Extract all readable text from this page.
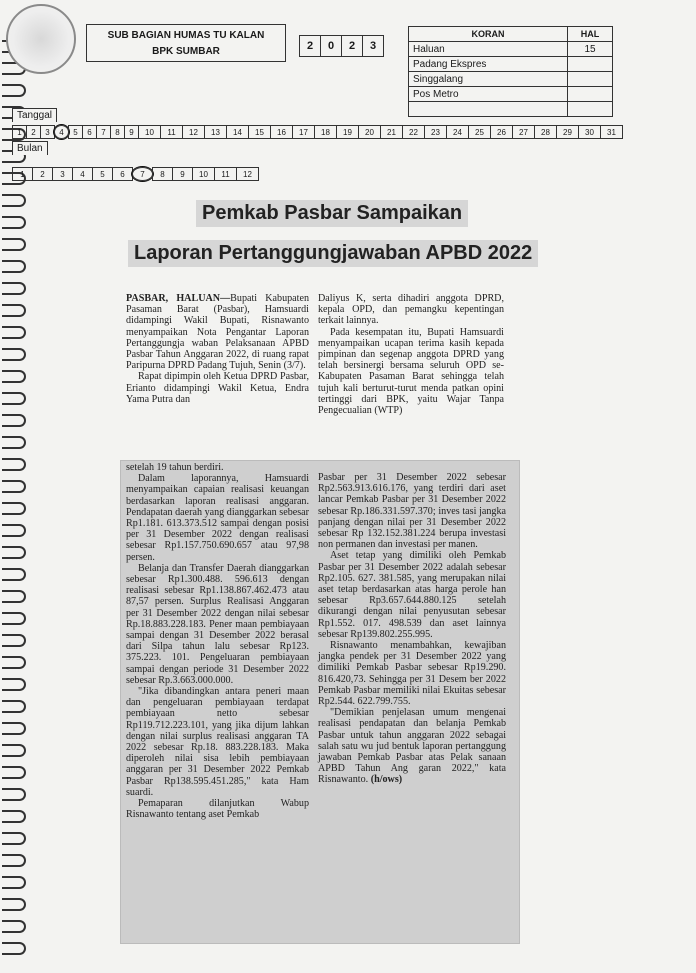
SUB BAGIAN HUMAS TU KALAN
BPK SUMBAR	2	0	2	3
KORAN	HAL
Haluan	15
Padang Ekspres	
Singgalang	
Pos Metro	

Tanggal
1	2	3	4	5	6	7	8	9	10	11	12	13	14	15	16	17	18	19	20	21	22	23	24	25	26	27	28	29	30	31
Bulan
1	2	3	4	5	6	7	8	9	10	11	12
Pemkab Pasbar Sampaikan
Laporan Pertanggungjawaban APBD 2022

PASBAR, HALUAN—Bupati Kabupaten Pasaman Barat (Pasbar), Hamsuardi didampingi Wakil Bupati, Risnawanto menyampaikan Nota Pengantar Laporan Pertanggungja waban Pelaksanaan APBD Pasbar Tahun Anggaran 2022, di ruang rapat Paripurna DPRD Padang Tujuh, Senin (3/7).

Rapat dipimpin oleh Ketua DPRD Pasbar, Erianto didampingi Wakil Ketua, Endra Yama Putra dan

Daliyus K, serta dihadiri anggota DPRD, kepala OPD, dan pemangku kepentingan terkait lainnya.

Pada kesempatan itu, Bupati Hamsuardi menyampaikan ucapan terima kasih kepada pimpinan dan segenap anggota DPRD yang telah bersinergi bersama seluruh OPD se-Kabupaten Pasaman Barat sehingga telah tujuh kali berturut-turut menda patkan opini tertinggi dari BPK, yaitu Wajar Tanpa Pengecualian (WTP)

setelah 19 tahun berdiri.

Dalam laporannya, Hamsuardi menyampaikan capaian realisasi keuangan berdasarkan laporan realisasi anggaran. Pendapatan daerah yang dianggarkan sebesar Rp1.181. 613.373.512 sampai dengan posisi per 31 Desember 2022 dengan realisasi sebesar Rp1.157.750.690.657 atau 97,98 persen.

Belanja dan Transfer Daerah dianggarkan sebesar Rp1.300.488. 596.613 dengan realisasi sebesar Rp1.138.867.462.473 atau 87,57 persen. Surplus Realisasi Anggaran per 31 Desember 2022 dengan nilai sebesar Rp.18.883.228.183. Pener maan pembiayaan sampai dengan 31 Desember 2022 berasal dari Silpa tahun lalu sebesar Rp123. 375.223. 101. Pengeluaran pembiayaan sampai dengan periode 31 Desember 2022 sebesar Rp.3.663.000.000.

"Jika dibandingkan antara peneri maan dan pengeluaran pembiayaan terdapat pembiayaan netto sebesar Rp119.712.223.101, yang jika dijum lahkan dengan nilai surplus realisasi anggaran TA 2022 sebesar Rp.18. 883.228.183. Maka diperoleh nilai sisa lebih pembiayaan anggaran per 31 Desember 2022 Pemkab Pasbar Rp138.595.451.285," kata Ham suardi.

Pemaparan dilanjutkan Wabup Risnawanto tentang aset Pemkab

Pasbar per 31 Desember 2022 sebesar Rp2.563.913.616.176, yang terdiri dari aset lancar Pemkab Pasbar per 31 Desember 2022 sebesar Rp.186.331.597.370; inves tasi jangka panjang dengan nilai per 31 Desember 2022 sebesar Rp 132.152.381.224 berupa investasi non permanen dan investasi per manen.

Aset tetap yang dimiliki oleh Pemkab Pasbar per 31 Desember 2022 adalah sebesar Rp2.105. 627. 381.585, yang merupakan nilai aset tetap berdasarkan atas harga perole han sebesar Rp3.657.644.880.125 setelah dikurangi dengan nilai penyusutan sebesar Rp1.552. 017. 498.539 dan aset lainnya sebesar Rp139.802.255.995.

Risnawanto menambahkan, kewajiban jangka pendek per 31 Desember 2022 yang dimiliki Pemkab Pasbar sebesar Rp19.290. 816.420,73. Sehingga per 31 Desem ber 2022 Pemkab Pasbar memiliki nilai Ekuitas sebesar Rp2.544. 622.799.755.

"Demikian penjelasan umum mengenai realisasi pendapatan dan belanja Pemkab Pasbar untuk tahun anggaran 2022 sebagai salah satu wu jud bentuk laporan pertanggung jawaban Pemkab Pasbar atas Pelak sanaan APBD Tahun Ang garan 2022," kata Risnawanto. (h/ows)
